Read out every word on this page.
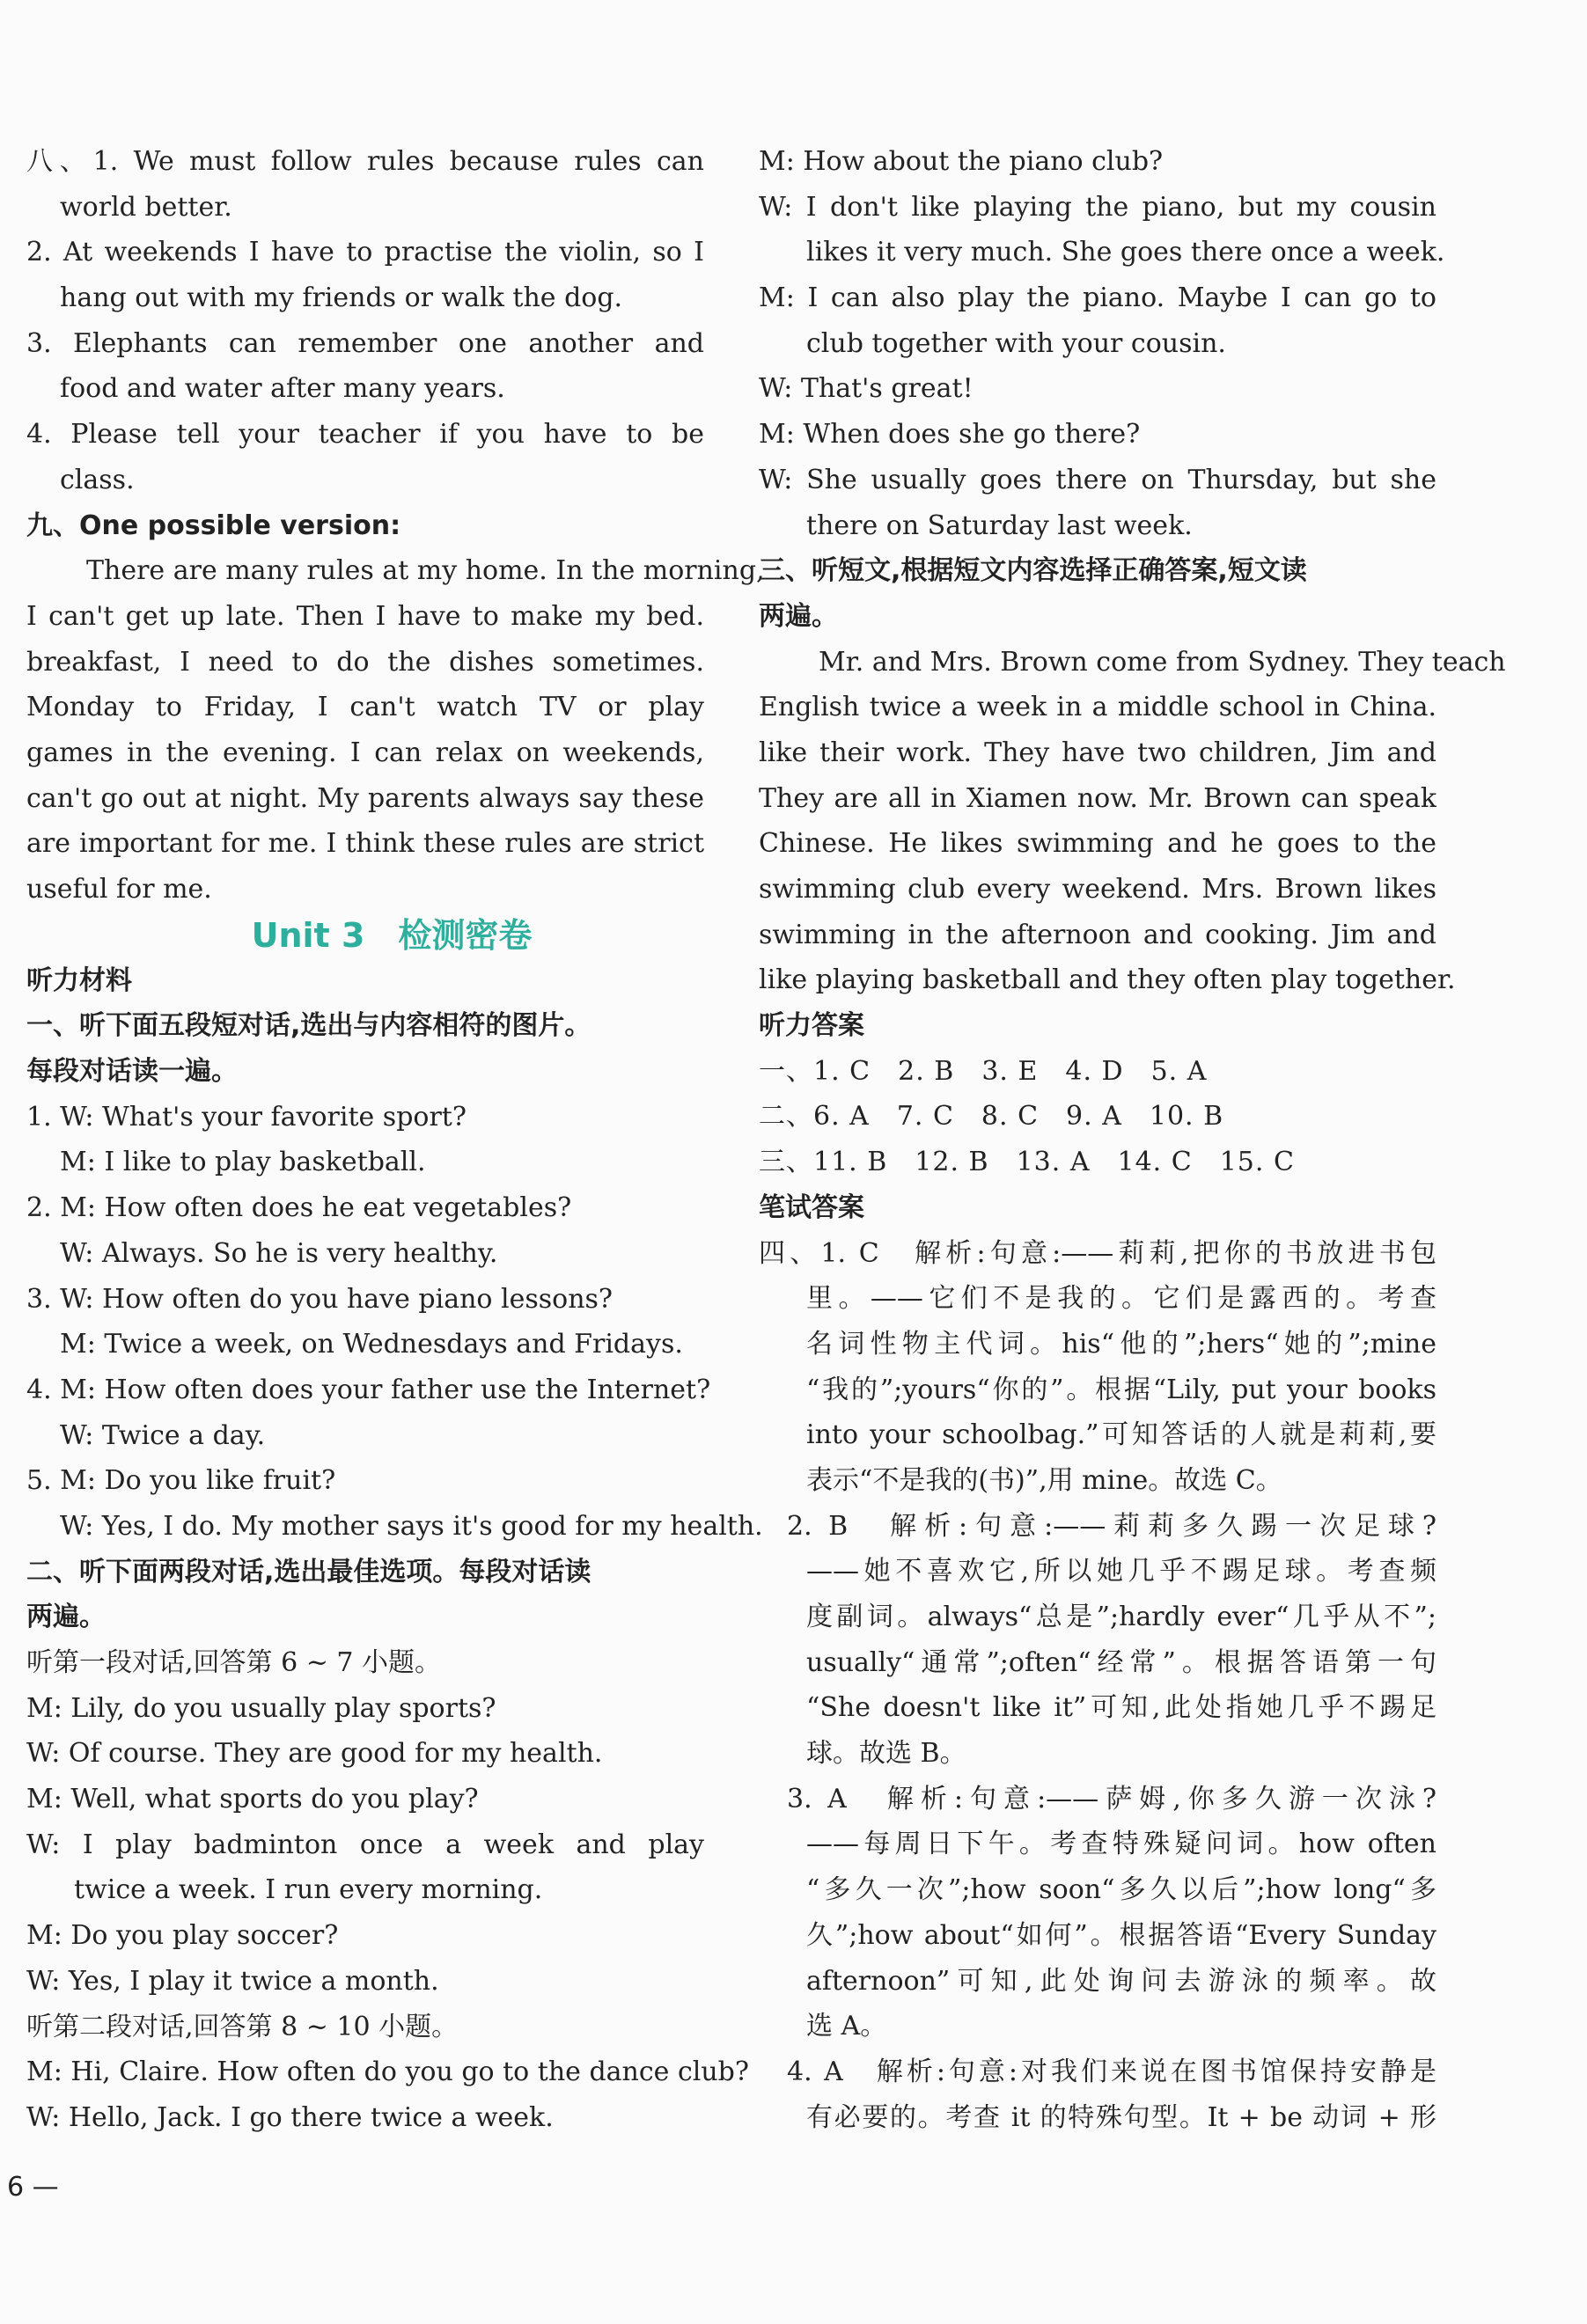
八、1. We must follow rules because rules can
world better.
2. At weekends I have to practise the violin, so I
hang out with my friends or walk the dog.
3. Elephants can remember one another and
food and water after many years.
4. Please tell your teacher if you have to be
class.
九、One possible version:
There are many rules at my home. In the morning,
I can't get up late. Then I have to make my bed.
breakfast, I need to do the dishes sometimes.
Monday to Friday, I can't watch TV or play
games in the evening. I can relax on weekends,
can't go out at night. My parents always say these
are important for me. I think these rules are strict
useful for me.
Unit 3　检测密卷
听力材料
一、听下面五段短对话,选出与内容相符的图片。
每段对话读一遍。
1. W: What's your favorite sport?
M: I like to play basketball.
2. M: How often does he eat vegetables?
W: Always. So he is very healthy.
3. W: How often do you have piano lessons?
M: Twice a week, on Wednesdays and Fridays.
4. M: How often does your father use the Internet?
W: Twice a day.
5. M: Do you like fruit?
W: Yes, I do. My mother says it's good for my health.
二、听下面两段对话,选出最佳选项。每段对话读
两遍。
听第一段对话,回答第 6 ~ 7 小题。
M: Lily, do you usually play sports?
W: Of course. They are good for my health.
M: Well, what sports do you play?
W: I play badminton once a week and play
twice a week. I run every morning.
M: Do you play soccer?
W: Yes, I play it twice a month.
听第二段对话,回答第 8 ~ 10 小题。
M: Hi, Claire. How often do you go to the dance club?
W: Hello, Jack. I go there twice a week.
M: How about the piano club?
W: I don't like playing the piano, but my cousin
likes it very much. She goes there once a week.
M: I can also play the piano. Maybe I can go to
club together with your cousin.
W: That's great!
M: When does she go there?
W: She usually goes there on Thursday, but she
there on Saturday last week.
三、听短文,根据短文内容选择正确答案,短文读
两遍。
Mr. and Mrs. Brown come from Sydney. They teach
English twice a week in a middle school in China.
like their work. They have two children, Jim and
They are all in Xiamen now. Mr. Brown can speak
Chinese. He likes swimming and he goes to the
swimming club every weekend. Mrs. Brown likes
swimming in the afternoon and cooking. Jim and
like playing basketball and they often play together.
听力答案
一、1. C　2. B　3. E　4. D　5. A
二、6. A　7. C　8. C　9. A　10. B
三、11. B　12. B　13. A　14. C　15. C
笔试答案
四、1. C　解析:句意:——莉莉,把你的书放进书包
里。——它们不是我的。它们是露西的。考查
名词性物主代词。his“他的”;hers“她的”;mine
“我的”;yours“你的”。根据“Lily, put your books
into your schoolbag.”可知答话的人就是莉莉,要
表示“不是我的(书)”,用 mine。故选 C。
2. B　解析:句意:——莉莉多久踢一次足球?
——她不喜欢它,所以她几乎不踢足球。考查频
度副词。always“总是”;hardly ever“几乎从不”;
usually“通常”;often“经常”。根据答语第一句
“She doesn't like it”可知,此处指她几乎不踢足
球。故选 B。
3. A　解析:句意:——萨姆,你多久游一次泳?
——每周日下午。考查特殊疑问词。how often
“多久一次”;how soon“多久以后”;how long“多
久”;how about“如何”。根据答语“Every Sunday
afternoon”可知,此处询问去游泳的频率。故
选 A。
4. A　解析:句意:对我们来说在图书馆保持安静是
有必要的。考查 it 的特殊句型。It + be 动词 + 形
6 —
